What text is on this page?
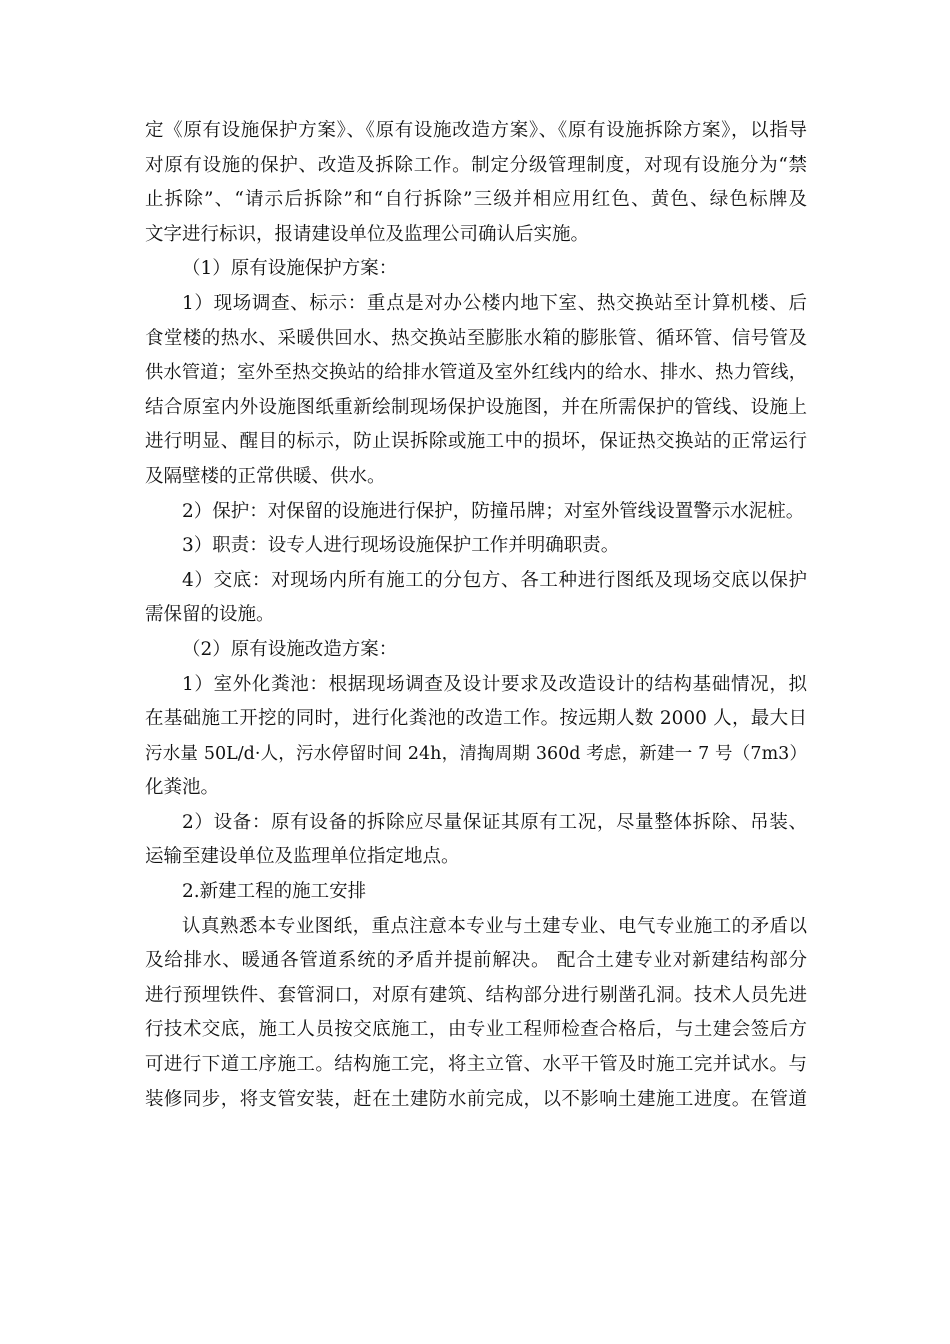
定《原有设施保护方案》、《原有设施改造方案》、《原有设施拆除方案》，以指导
对原有设施的保护、改造及拆除工作。制定分级管理制度，对现有设施分为“禁
止拆除”、“请示后拆除”和“自行拆除”三级并相应用红色、黄色、绿色标牌及
文字进行标识，报请建设单位及监理公司确认后实施。
（1）原有设施保护方案：
1）现场调查、标示：重点是对办公楼内地下室、热交换站至计算机楼、后
食堂楼的热水、采暖供回水、热交换站至膨胀水箱的膨胀管、循环管、信号管及
供水管道；室外至热交换站的给排水管道及室外红线内的给水、排水、热力管线，
结合原室内外设施图纸重新绘制现场保护设施图，并在所需保护的管线、设施上
进行明显、醒目的标示，防止误拆除或施工中的损坏，保证热交换站的正常运行
及隔壁楼的正常供暖、供水。
2）保护：对保留的设施进行保护，防撞吊牌；对室外管线设置警示水泥桩。
3）职责：设专人进行现场设施保护工作并明确职责。
4）交底：对现场内所有施工的分包方、各工种进行图纸及现场交底以保护
需保留的设施。
（2）原有设施改造方案：
1）室外化粪池：根据现场调查及设计要求及改造设计的结构基础情况，拟
在基础施工开挖的同时，进行化粪池的改造工作。按远期人数 2000 人，最大日
污水量 50L/d·人，污水停留时间 24h，清掏周期 360d 考虑，新建一 7 号（7m3）
化粪池。
2）设备：原有设备的拆除应尽量保证其原有工况，尽量整体拆除、吊装、
运输至建设单位及监理单位指定地点。
2.新建工程的施工安排
认真熟悉本专业图纸，重点注意本专业与土建专业、电气专业施工的矛盾以
及给排水、暖通各管道系统的矛盾并提前解决。 配合土建专业对新建结构部分
进行预埋铁件、套管洞口，对原有建筑、结构部分进行剔凿孔洞。技术人员先进
行技术交底，施工人员按交底施工，由专业工程师检查合格后，与土建会签后方
可进行下道工序施工。结构施工完，将主立管、水平干管及时施工完并试水。与
装修同步，将支管安装，赶在土建防水前完成，以不影响土建施工进度。在管道
